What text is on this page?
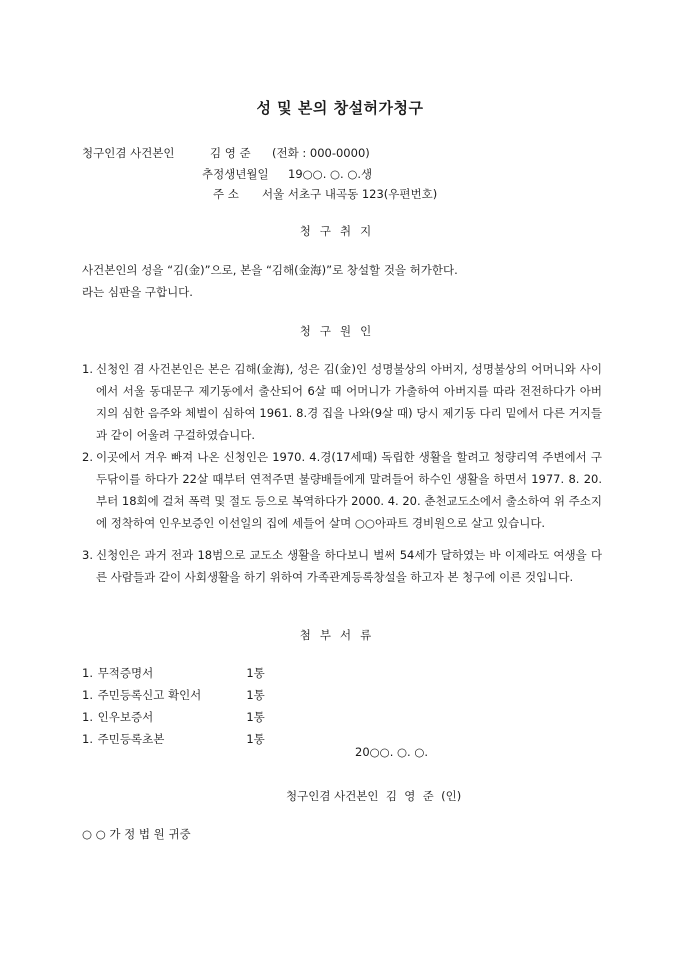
성 및 본의 창설허가청구
청구인겸 사건본인	김 영 준 (전화 : 000-0000)
추정생년월일 19○○. ○. ○.생
주 소 서울 서초구 내곡동 123(우편번호)
청구취지
사건본인의 성을 “김(金)”으로, 본을 “김해(金海)”로 창설할 것을 허가한다.
라는 심판을 구합니다.
청구원인
1. 신청인 겸 사건본인은 본은 김해(金海), 성은 김(金)인 성명불상의 아버지, 성명불상의 어머니와 사이에서 서울 동대문구 제기동에서 출산되어 6살 때 어머니가 가출하여 아버지를 따라 전전하다가 아버지의 심한 음주와 체벌이 심하여 1961. 8.경 집을 나와(9살 때) 당시 제기동 다리 밑에서 다른 거지들과 같이 어울려 구걸하였습니다.
2. 이곳에서 겨우 빠져 나온 신청인은 1970. 4.경(17세때) 독립한 생활을 할려고 청량리역 주변에서 구두닦이를 하다가 22살 때부터 연적주면 불량배들에게 말려들어 하수인 생활을 하면서 1977. 8. 20.부터 18회에 걸쳐 폭력 및 절도 등으로 복역하다가 2000. 4. 20. 춘천교도소에서 출소하여 위 주소지에 정착하여 인우보증인 이선일의 집에 세들어 살며 ○○아파트 경비원으로 살고 있습니다.
3. 신청인은 과거 전과 18범으로 교도소 생활을 하다보니 벌써 54세가 달하였는 바 이제라도 여생을 다른 사람들과 같이 사회생활을 하기 위하여 가족관계등록창설을 하고자 본 청구에 이른 것입니다.
첨부서류
1. 무적증명서	1통
1. 주민등록신고 확인서	1통
1. 인우보증서	1통
1. 주민등록초본	1통
20○○. ○. ○.
청구인겸 사건본인  김  영  준  (인)
○ ○ 가 정 법 원 귀중
